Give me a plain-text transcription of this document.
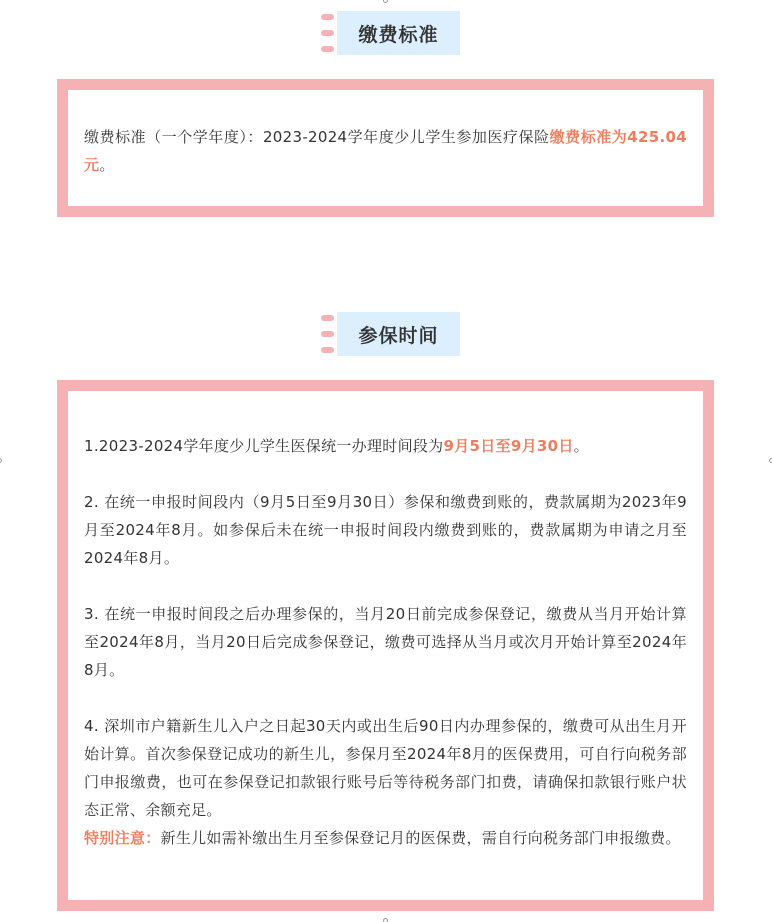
缴费标准

缴费标准（一个学年度）：2023-2024学年度少儿学生参加医疗保险缴费标准为425.04元。

参保时间

1.2023-2024学年度少儿学生医保统一办理时间段为9月5日至9月30日。

2. 在统一申报时间段内（9月5日至9月30日）参保和缴费到账的，费款属期为2023年9月至2024年8月。如参保后未在统一申报时间段内缴费到账的，费款属期为申请之月至2024年8月。

3. 在统一申报时间段之后办理参保的，当月20日前完成参保登记，缴费从当月开始计算至2024年8月，当月20日后完成参保登记，缴费可选择从当月或次月开始计算至2024年8月。

4. 深圳市户籍新生儿入户之日起30天内或出生后90日内办理参保的，缴费可从出生月开始计算。首次参保登记成功的新生儿，参保月至2024年8月的医保费用，可自行向税务部门申报缴费，也可在参保登记扣款银行账号后等待税务部门扣费，请确保扣款银行账户状态正常、余额充足。

特别注意：新生儿如需补缴出生月至参保登记月的医保费，需自行向税务部门申报缴费。
